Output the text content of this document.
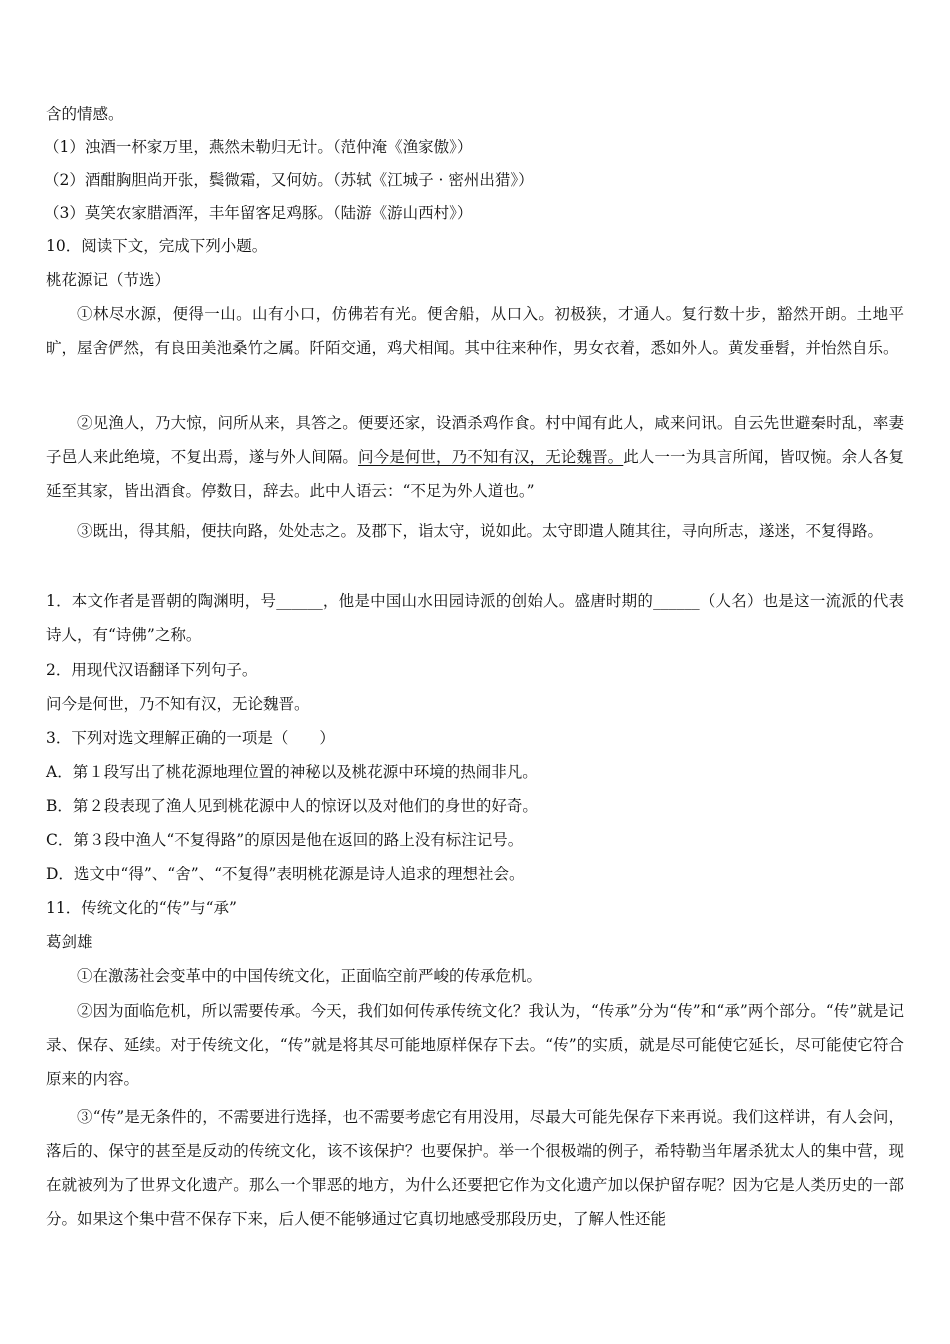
含的情感。
（1）浊酒一杯家万里，燕然未勒归无计。（范仲淹《渔家傲》）
（2）酒酣胸胆尚开张，鬓微霜，又何妨。（苏轼《江城子 · 密州出猎》）
（3）莫笑农家腊酒浑，丰年留客足鸡豚。（陆游《游山西村》）
10．阅读下文，完成下列小题。
桃花源记（节选）
①林尽水源，便得一山。山有小口，仿佛若有光。便舍船，从口入。初极狭，才通人。复行数十步，豁然开朗。土地平旷，屋舍俨然，有良田美池桑竹之属。阡陌交通，鸡犬相闻。其中往来种作，男女衣着，悉如外人。黄发垂髫，并怡然自乐。
②见渔人，乃大惊，问所从来，具答之。便要还家，设酒杀鸡作食。村中闻有此人，咸来问讯。自云先世避秦时乱，率妻子邑人来此绝境，不复出焉，遂与外人间隔。问今是何世，乃不知有汉，无论魏晋。此人一一为具言所闻，皆叹惋。余人各复延至其家，皆出酒食。停数日，辞去。此中人语云：“不足为外人道也。”
③既出，得其船，便扶向路，处处志之。及郡下，诣太守，说如此。太守即遣人随其往，寻向所志，遂迷，不复得路。
1．本文作者是晋朝的陶渊明，号______，他是中国山水田园诗派的创始人。盛唐时期的______（人名）也是这一流派的代表诗人，有“诗佛”之称。
2．用现代汉语翻译下列句子。
问今是何世，乃不知有汉，无论魏晋。
3．下列对选文理解正确的一项是（　　）
A．第１段写出了桃花源地理位置的神秘以及桃花源中环境的热闹非凡。
B．第２段表现了渔人见到桃花源中人的惊讶以及对他们的身世的好奇。
C．第３段中渔人“不复得路”的原因是他在返回的路上没有标注记号。
D．选文中“得”、“舍”、“不复得”表明桃花源是诗人追求的理想社会。
11．传统文化的“传”与“承”
葛剑雄
①在激荡社会变革中的中国传统文化，正面临空前严峻的传承危机。
②因为面临危机，所以需要传承。今天，我们如何传承传统文化？我认为，“传承”分为“传”和“承”两个部分。“传”就是记录、保存、延续。对于传统文化，“传”就是将其尽可能地原样保存下去。“传”的实质，就是尽可能使它延长，尽可能使它符合原来的内容。
③“传”是无条件的，不需要进行选择，也不需要考虑它有用没用，尽最大可能先保存下来再说。我们这样讲，有人会问，落后的、保守的甚至是反动的传统文化，该不该保护？也要保护。举一个很极端的例子，希特勒当年屠杀犹太人的集中营，现在就被列为了世界文化遗产。那么一个罪恶的地方，为什么还要把它作为文化遗产加以保护留存呢？因为它是人类历史的一部分。如果这个集中营不保存下来，后人便不能够通过它真切地感受那段历史，了解人性还能
